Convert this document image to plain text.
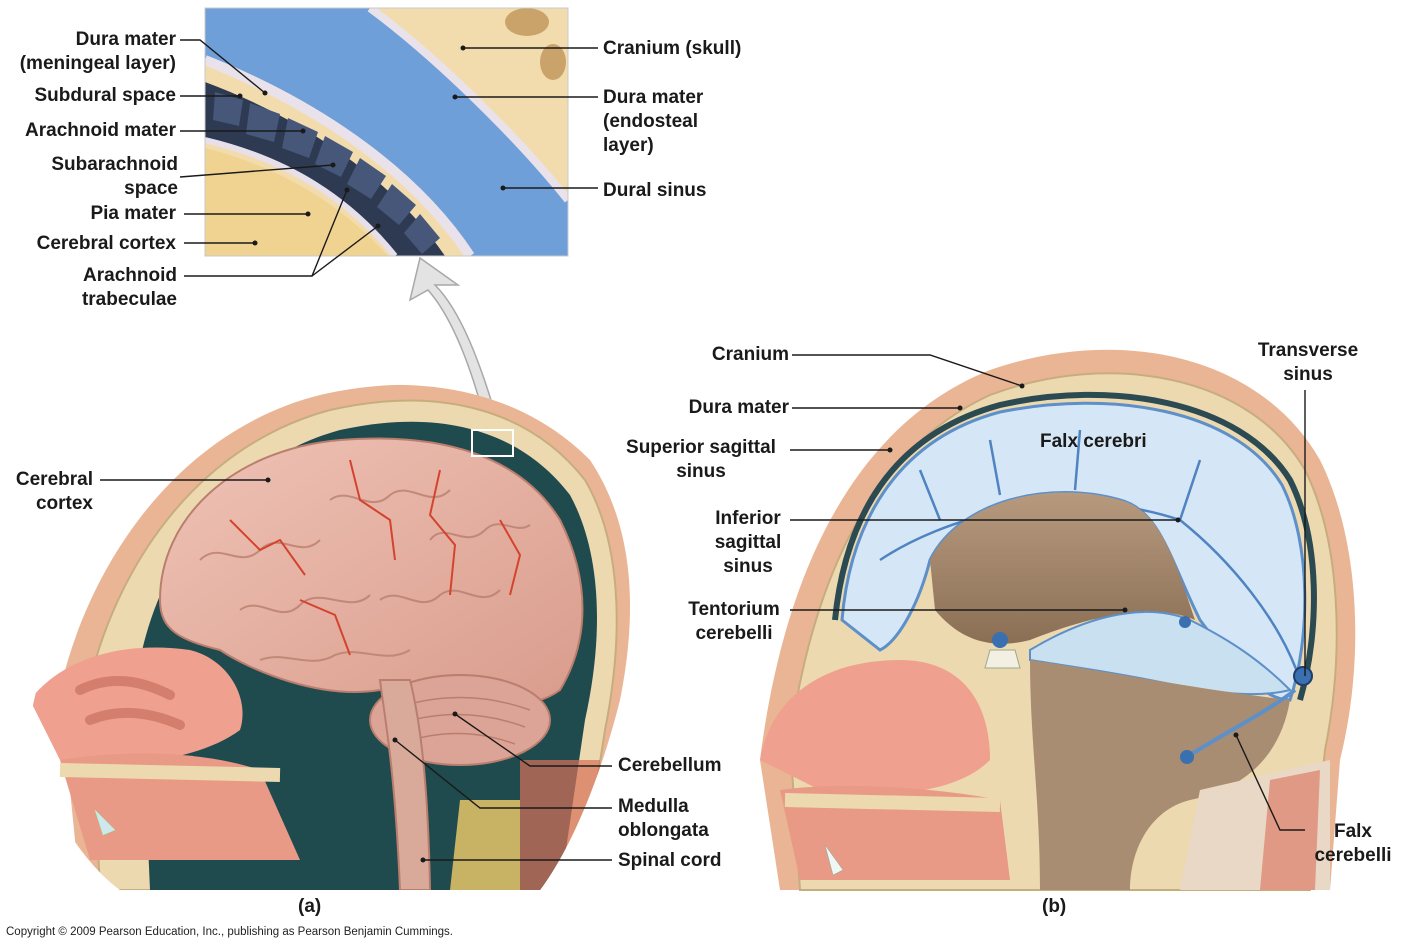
Dura mater
(meningeal layer)
Subdural space
Arachnoid mater
Subarachnoid
space
Pia mater
Cerebral cortex
Arachnoid
trabeculae
Cranium (skull)
Dura mater
(endosteal
layer)
Dural sinus
Cerebral
cortex
Cerebellum
Medulla
oblongata
Spinal cord
(a)
Cranium
Dura mater
Superior sagittal
sinus
Inferior
sagittal
sinus
Tentorium
cerebelli
Falx cerebri
Transverse
sinus
Falx
cerebelli
(b)
Copyright © 2009 Pearson Education, Inc., publishing as Pearson Benjamin Cummings.
